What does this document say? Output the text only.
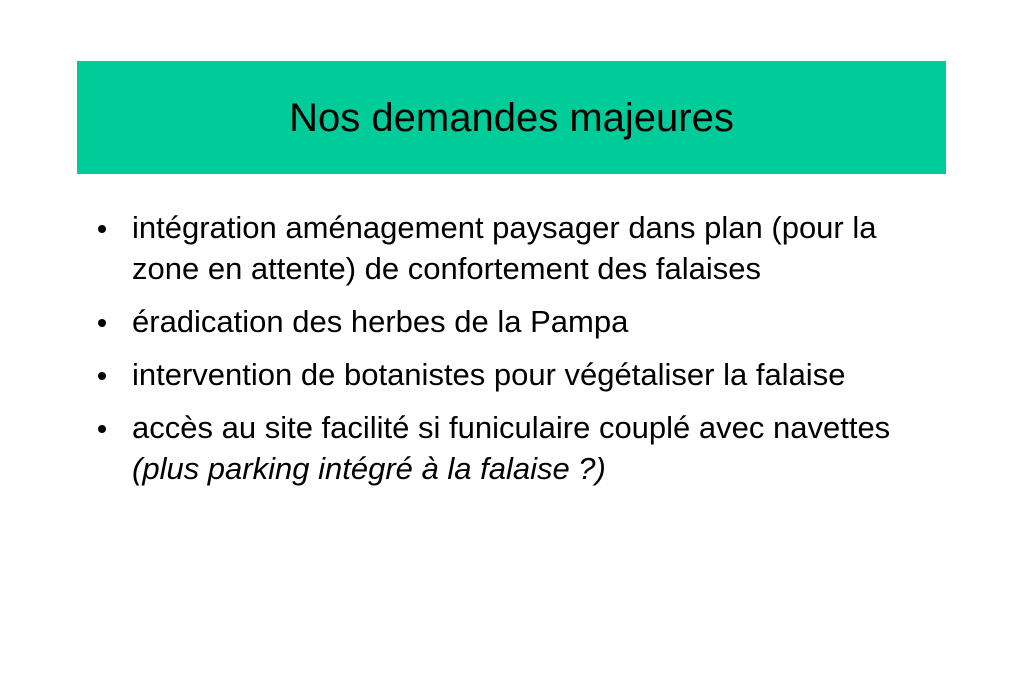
Nos demandes majeures
intégration aménagement paysager dans plan (pour la zone en attente) de confortement des falaises
éradication des herbes de la Pampa
intervention de botanistes pour végétaliser la falaise
accès au site facilité si funiculaire couplé avec navettes (plus parking intégré à la falaise ?)
